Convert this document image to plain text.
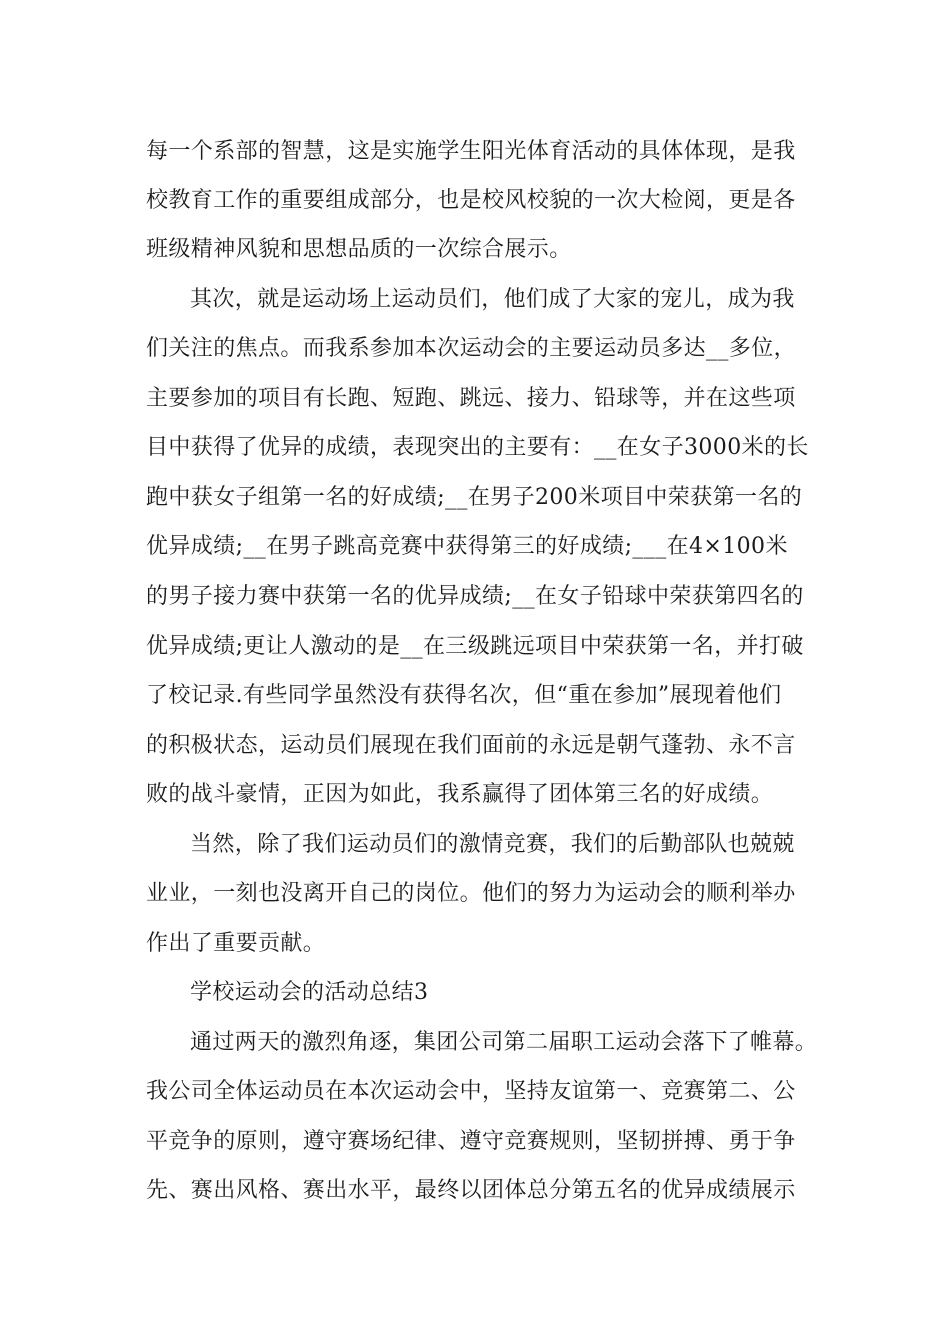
每一个系部的智慧，这是实施学生阳光体育活动的具体体现，是我
校教育工作的重要组成部分，也是校风校貌的一次大检阅，更是各
班级精神风貌和思想品质的一次综合展示。
其次，就是运动场上运动员们，他们成了大家的宠儿，成为我
们关注的焦点。而我系参加本次运动会的主要运动员多达__多位，
主要参加的项目有长跑、短跑、跳远、接力、铅球等，并在这些项
目中获得了优异的成绩，表现突出的主要有：__在女子3000米的长
跑中获女子组第一名的好成绩;__在男子200米项目中荣获第一名的
优异成绩;__在男子跳高竞赛中获得第三的好成绩;___在4×100米
的男子接力赛中获第一名的优异成绩;__在女子铅球中荣获第四名的
优异成绩;更让人激动的是__在三级跳远项目中荣获第一名，并打破
了校记录.有些同学虽然没有获得名次，但“重在参加”展现着他们
的积极状态，运动员们展现在我们面前的永远是朝气蓬勃、永不言
败的战斗豪情，正因为如此，我系赢得了团体第三名的好成绩。
当然，除了我们运动员们的激情竞赛，我们的后勤部队也兢兢
业业，一刻也没离开自己的岗位。他们的努力为运动会的顺利举办
作出了重要贡献。
学校运动会的活动总结3
通过两天的激烈角逐，集团公司第二届职工运动会落下了帷幕。
我公司全体运动员在本次运动会中，坚持友谊第一、竞赛第二、公
平竞争的原则，遵守赛场纪律、遵守竞赛规则，坚韧拼搏、勇于争
先、赛出风格、赛出水平，最终以团体总分第五名的优异成绩展示
